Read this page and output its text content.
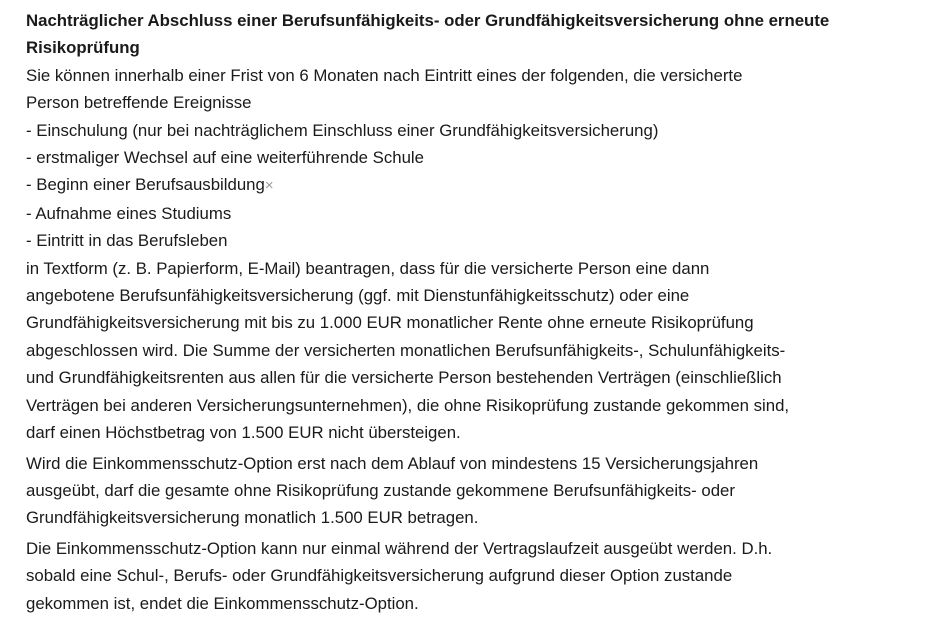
Nachträglicher Abschluss einer Berufsunfähigkeits- oder Grundfähigkeitsversicherung ohne erneute
Risikoprüfung
Sie können innerhalb einer Frist von 6 Monaten nach Eintritt eines der folgenden, die versicherte
Person betreffende Ereignisse
- Einschulung (nur bei nachträglichem Einschluss einer Grundfähigkeitsversicherung)
- erstmaliger Wechsel auf eine weiterführende Schule
- Beginn einer Berufsausbildung×
- Aufnahme eines Studiums
- Eintritt in das Berufsleben
in Textform (z. B. Papierform, E-Mail) beantragen, dass für die versicherte Person eine dann
angebotene Berufsunfähigkeitsversicherung (ggf. mit Dienstunfähigkeitsschutz) oder eine
Grundfähigkeitsversicherung mit bis zu 1.000 EUR monatlicher Rente ohne erneute Risikoprüfung
abgeschlossen wird. Die Summe der versicherten monatlichen Berufsunfähigkeits-, Schulunfähigkeits-
und Grundfähigkeitsrenten aus allen für die versicherte Person bestehenden Verträgen (einschließlich
Verträgen bei anderen Versicherungsunternehmen), die ohne Risikoprüfung zustande gekommen sind,
darf einen Höchstbetrag von 1.500 EUR nicht übersteigen.
Wird die Einkommensschutz-Option erst nach dem Ablauf von mindestens 15 Versicherungsjahren
ausgeübt, darf die gesamte ohne Risikoprüfung zustande gekommene Berufsunfähigkeits- oder
Grundfähigkeitsversicherung monatlich 1.500 EUR betragen.
Die Einkommensschutz-Option kann nur einmal während der Vertragslaufzeit ausgeübt werden. D.h.
sobald eine Schul-, Berufs- oder Grundfähigkeitsversicherung aufgrund dieser Option zustande
gekommen ist, endet die Einkommensschutz-Option.
